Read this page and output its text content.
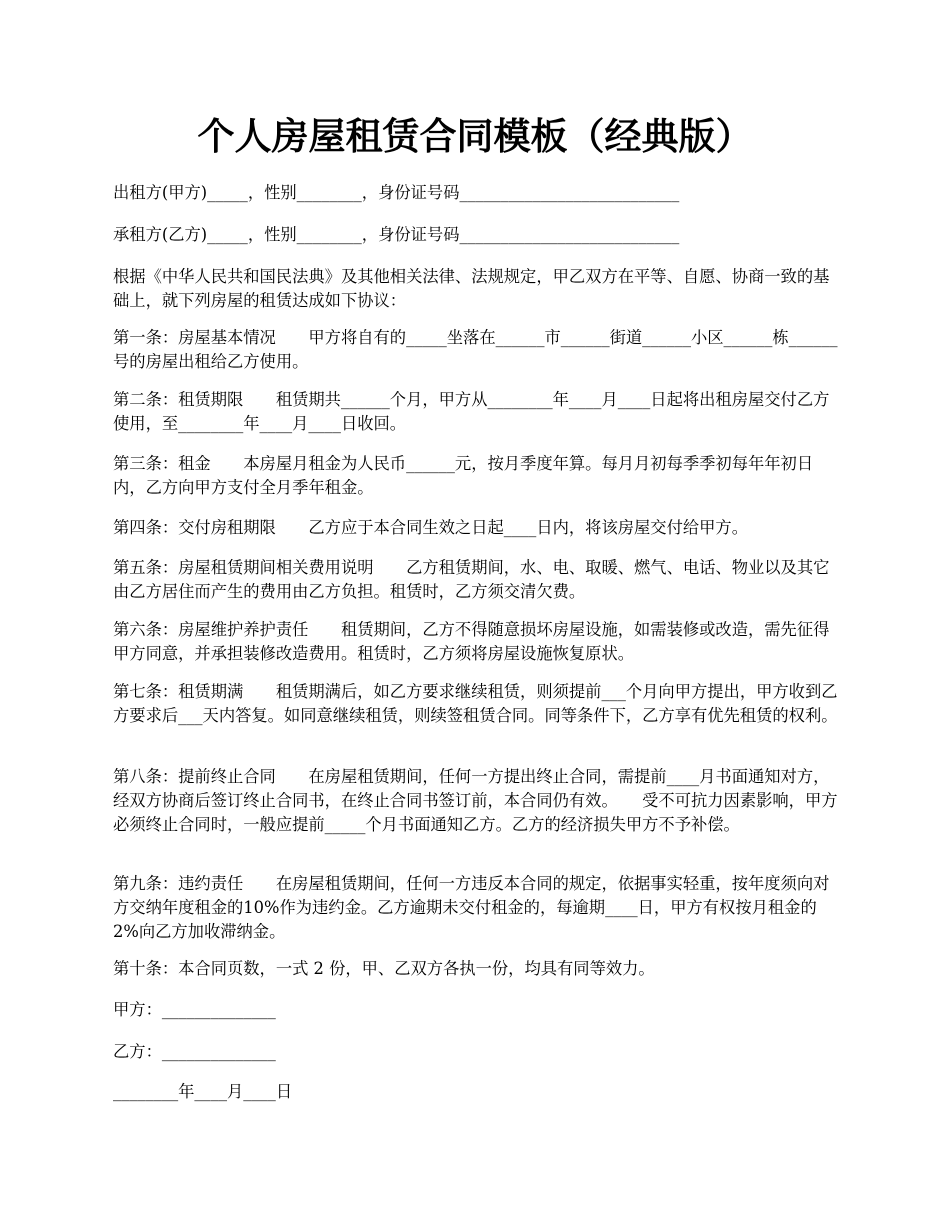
个人房屋租赁合同模板（经典版）

出租方(甲方)_____，性别________，身份证号码___________________________

承租方(乙方)_____，性别________，身份证号码___________________________

根据《中华人民共和国民法典》及其他相关法律、法规规定，甲乙双方在平等、自愿、协商一致的基础上，就下列房屋的租赁达成如下协议：

第一条：房屋基本情况　　甲方将自有的_____坐落在______市______街道______小区______栋______号的房屋出租给乙方使用。

第二条：租赁期限　　租赁期共______个月，甲方从________年____月____日起将出租房屋交付乙方使用，至________年____月____日收回。

第三条：租金　　本房屋月租金为人民币______元，按月季度年算。每月月初每季季初每年年初日内，乙方向甲方支付全月季年租金。

第四条：交付房租期限　　乙方应于本合同生效之日起____日内，将该房屋交付给甲方。

第五条：房屋租赁期间相关费用说明　　乙方租赁期间，水、电、取暖、燃气、电话、物业以及其它由乙方居住而产生的费用由乙方负担。租赁时，乙方须交清欠费。

第六条：房屋维护养护责任　　租赁期间，乙方不得随意损坏房屋设施，如需装修或改造，需先征得甲方同意，并承担装修改造费用。租赁时，乙方须将房屋设施恢复原状。

第七条：租赁期满　　租赁期满后，如乙方要求继续租赁，则须提前___个月向甲方提出，甲方收到乙方要求后___天内答复。如同意继续租赁，则续签租赁合同。同等条件下，乙方享有优先租赁的权利。

第八条：提前终止合同　　在房屋租赁期间，任何一方提出终止合同，需提前____月书面通知对方，经双方协商后签订终止合同书，在终止合同书签订前，本合同仍有效。　　受不可抗力因素影响，甲方必须终止合同时，一般应提前_____个月书面通知乙方。乙方的经济损失甲方不予补偿。

第九条：违约责任　　在房屋租赁期间，任何一方违反本合同的规定，依据事实轻重，按年度须向对方交纳年度租金的10%作为违约金。乙方逾期未交付租金的，每逾期____日，甲方有权按月租金的2%向乙方加收滞纳金。

第十条：本合同页数，一式 2 份，甲、乙双方各执一份，均具有同等效力。

甲方：______________

乙方：______________

________年____月____日
